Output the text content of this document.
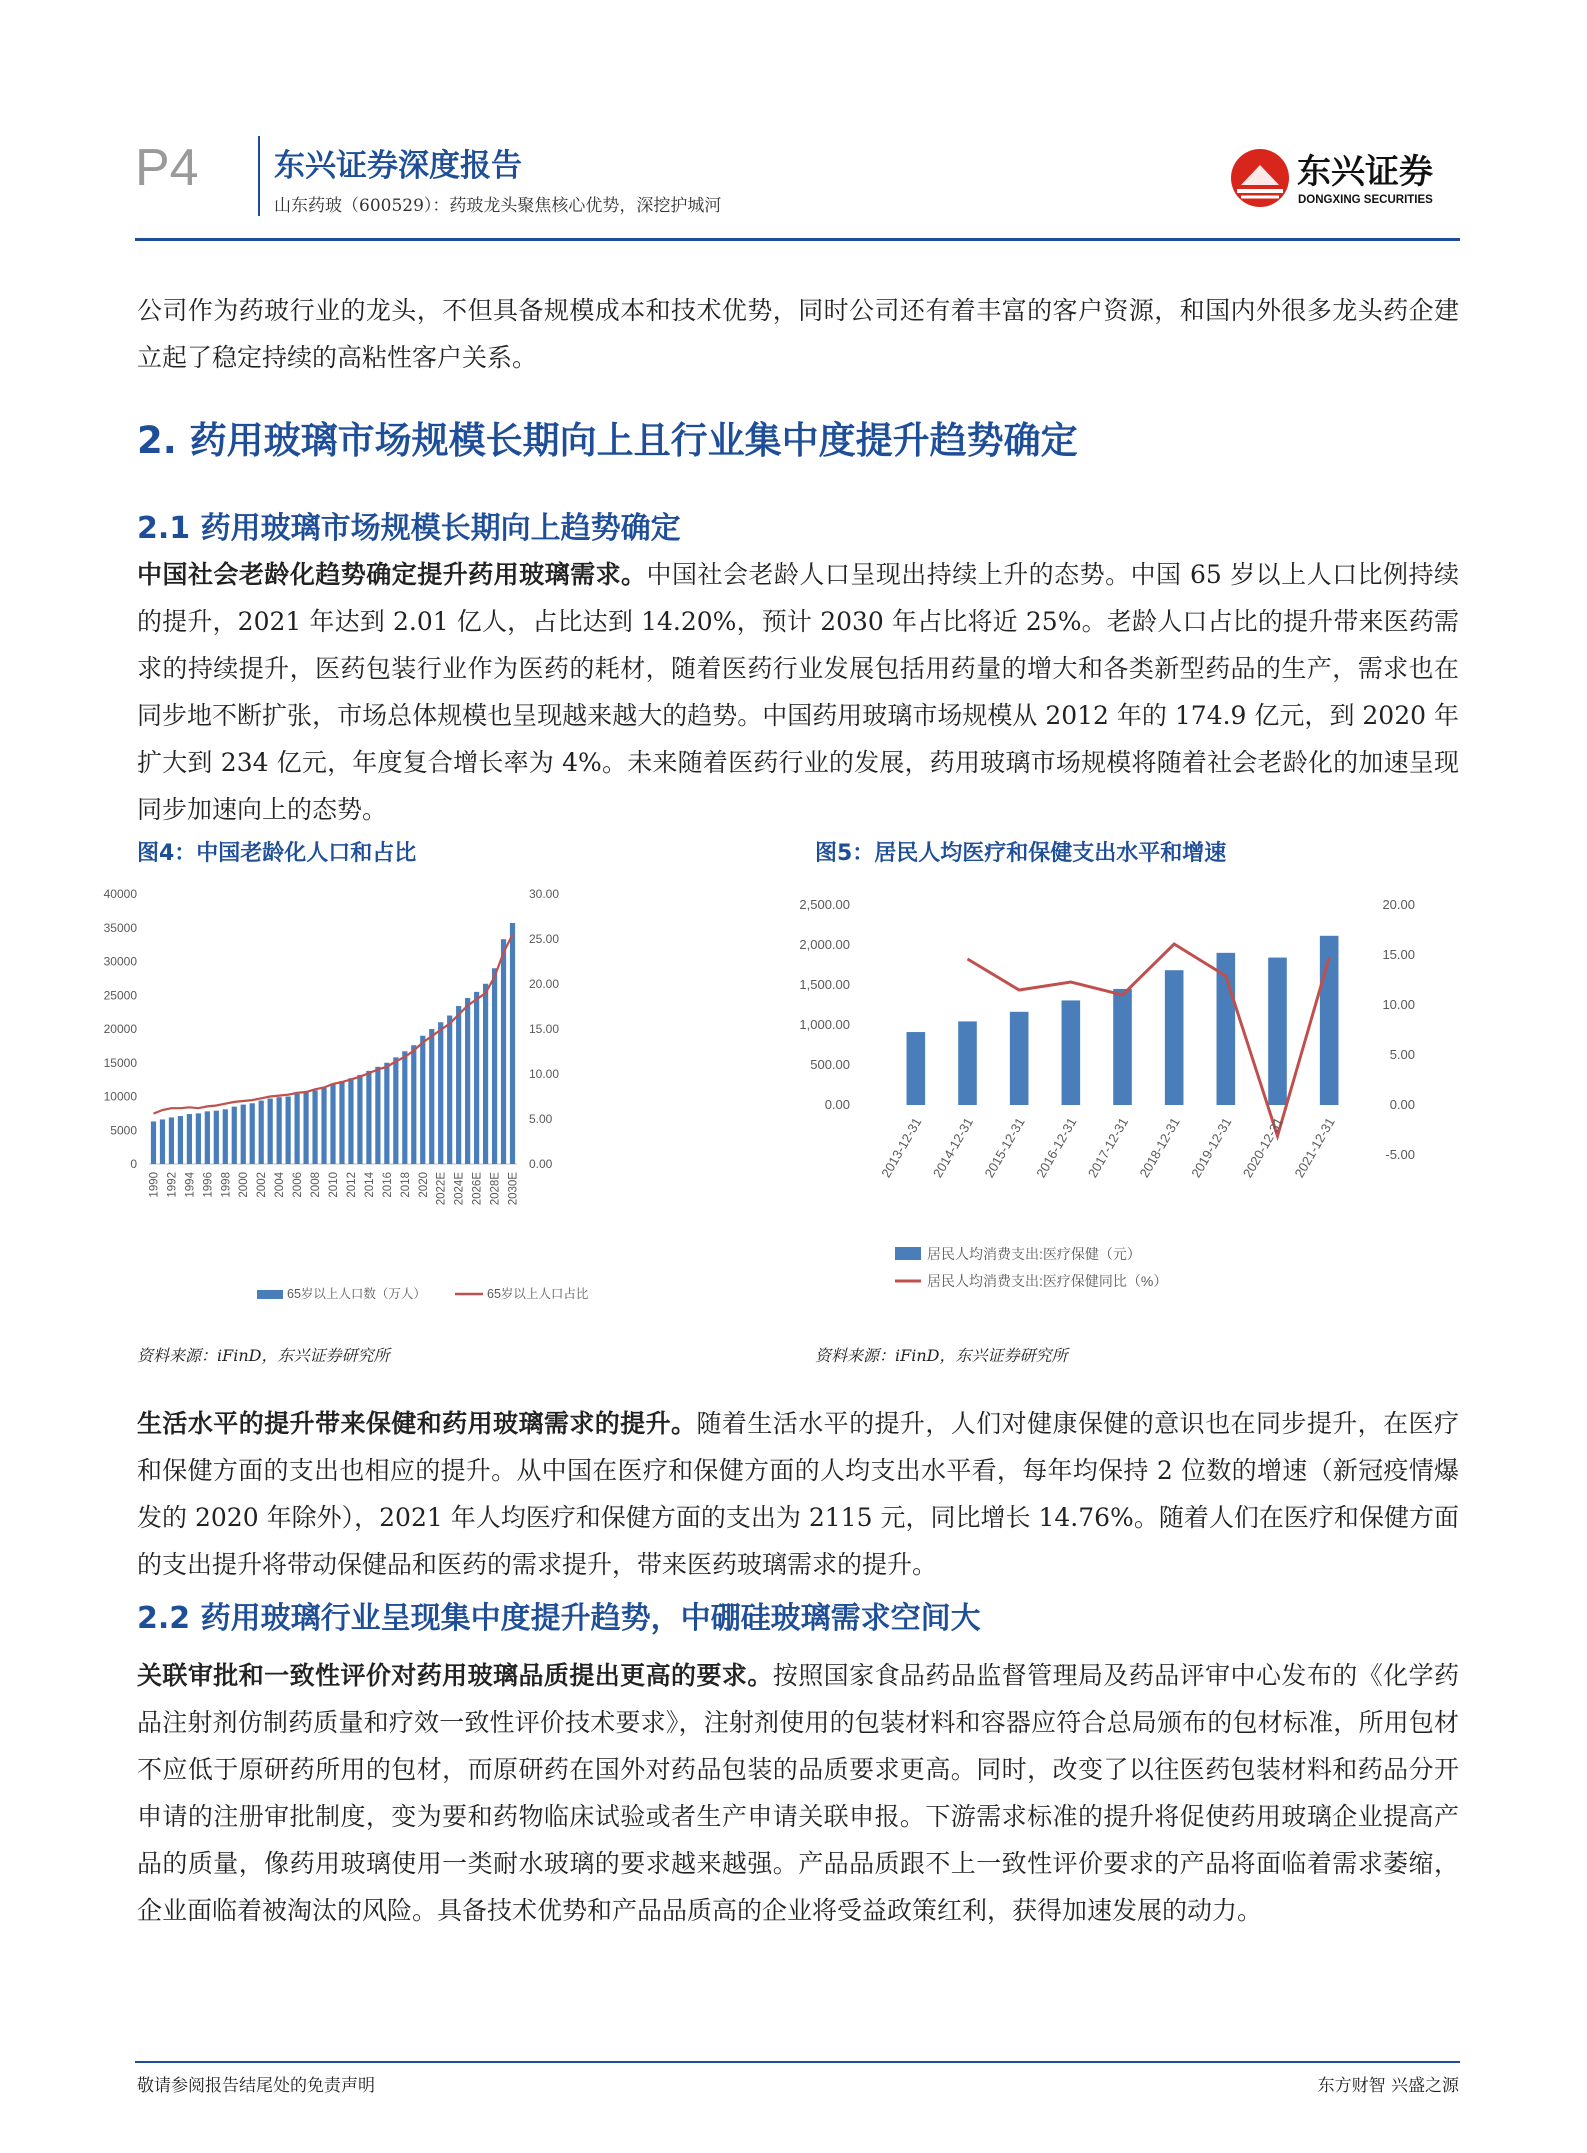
P4 东兴证券深度报告
山东药玻（600529）：药玻龙头聚焦核心优势，深挖护城河
东兴证券
DONGXING SECURITIES
公司作为药玻行业的龙头，不但具备规模成本和技术优势，同时公司还有着丰富的客户资源，和国内外很多龙头药企建立起了稳定持续的高粘性客户关系。
2. 药用玻璃市场规模长期向上且行业集中度提升趋势确定
2.1 药用玻璃市场规模长期向上趋势确定
中国社会老龄化趋势确定提升药用玻璃需求。中国社会老龄人口呈现出持续上升的态势。中国 65 岁以上人口比例持续的提升，2021 年达到 2.01 亿人，占比达到 14.20%，预计 2030 年占比将近 25%。老龄人口占比的提升带来医药需求的持续提升，医药包装行业作为医药的耗材，随着医药行业发展包括用药量的增大和各类新型药品的生产，需求也在同步地不断扩张，市场总体规模也呈现越来越大的趋势。中国药用玻璃市场规模从 2012 年的 174.9 亿元，到 2020 年扩大到 234 亿元，年度复合增长率为 4%。未来随着医药行业的发展，药用玻璃市场规模将随着社会老龄化的加速呈现同步加速向上的态势。
图4：中国老龄化人口和占比	图5：居民人均医疗和保健支出水平和增速
0
5000
10000
15000
20000
25000
30000
35000
40000
0.00
5.00
10.00
15.00
20.00
25.00
30.00
1990 1992 1994 1996 1998 2000 2002 2004 2006 2008 2010 2012 2014 2016 2018 2020 2022E 2024E 2026E 2028E 2030E
65岁以上人口数（万人）	65岁以上人口占比
0.00
500.00
1,000.00
1,500.00
2,000.00
2,500.00
-5.00
0.00
5.00
10.00
15.00
20.00
2013-12-31 2014-12-31 2015-12-31 2016-12-31 2017-12-31 2018-12-31 2019-12-31 2020-12-31 2021-12-31
居民人均消费支出:医疗保健（元）
居民人均消费支出:医疗保健同比（%）
资料来源：iFinD，东兴证券研究所	资料来源：iFinD，东兴证券研究所
生活水平的提升带来保健和药用玻璃需求的提升。随着生活水平的提升，人们对健康保健的意识也在同步提升，在医疗和保健方面的支出也相应的提升。从中国在医疗和保健方面的人均支出水平看，每年均保持 2 位数的增速（新冠疫情爆发的 2020 年除外），2021 年人均医疗和保健方面的支出为 2115 元，同比增长 14.76%。随着人们在医疗和保健方面的支出提升将带动保健品和医药的需求提升，带来医药玻璃需求的提升。
2.2 药用玻璃行业呈现集中度提升趋势，中硼硅玻璃需求空间大
关联审批和一致性评价对药用玻璃品质提出更高的要求。按照国家食品药品监督管理局及药品评审中心发布的《化学药品注射剂仿制药质量和疗效一致性评价技术要求》，注射剂使用的包装材料和容器应符合总局颁布的包材标准，所用包材不应低于原研药所用的包材，而原研药在国外对药品包装的品质要求更高。同时，改变了以往医药包装材料和药品分开申请的注册审批制度，变为要和药物临床试验或者生产申请关联申报。下游需求标准的提升将促使药用玻璃企业提高产品的质量，像药用玻璃使用一类耐水玻璃的要求越来越强。产品品质跟不上一致性评价要求的产品将面临着需求萎缩，企业面临着被淘汰的风险。具备技术优势和产品品质高的企业将受益政策红利，获得加速发展的动力。
敬请参阅报告结尾处的免责声明	东方财智 兴盛之源
